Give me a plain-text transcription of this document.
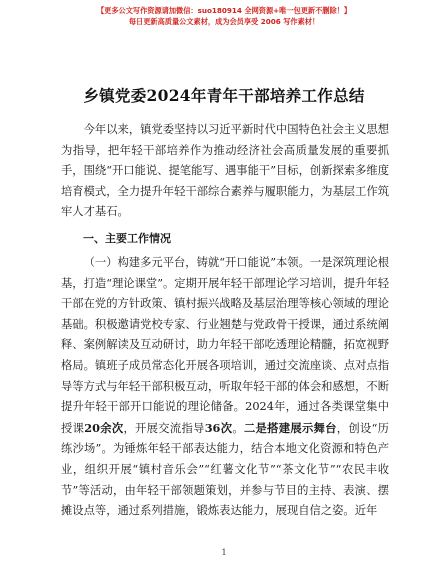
【更多公文写作资源请加微信：suo180914 全网资源+唯一包更新不删除！】
每日更新高质量公文素材，成为会员享受 2006 写作素材！
乡镇党委2024年青年干部培养工作总结

今年以来，镇党委坚持以习近平新时代中国特色社会主义思想为指导，把年轻干部培养作为推动经济社会高质量发展的重要抓手，围绕“开口能说、提笔能写、遇事能干”目标，创新探索多维度培育模式，全力提升年轻干部综合素养与履职能力，为基层工作筑牢人才基石。

一、主要工作情况

（一）构建多元平台，铸就“开口能说”本领。一是深筑理论根基，打造“理论课堂”。定期开展年轻干部理论学习培训，提升年轻干部在党的方针政策、镇村振兴战略及基层治理等核心领域的理论基础。积极邀请党校专家、行业翘楚与党政骨干授课，通过系统阐释、案例解读及互动研讨，助力年轻干部吃透理论精髓，拓宽视野格局。镇班子成员常态化开展各项培训，通过交流座谈、点对点指导等方式与年轻干部积极互动，听取年轻干部的体会和感想，不断提升年轻干部开口能说的理论储备。2024年，通过各类课堂集中授课20余次，开展交流指导36次。二是搭建展示舞台，创设“历练沙场”。为锤炼年轻干部表达能力，结合本地文化资源和特色产业，组织开展“镇村音乐会”“红薯文化节”“茶文化节”“农民丰收节”等活动，由年轻干部领题策划，并参与节目的主持、表演、摆摊设点等，通过系列措施，锻炼表达能力，展现自信之姿。近年

1
